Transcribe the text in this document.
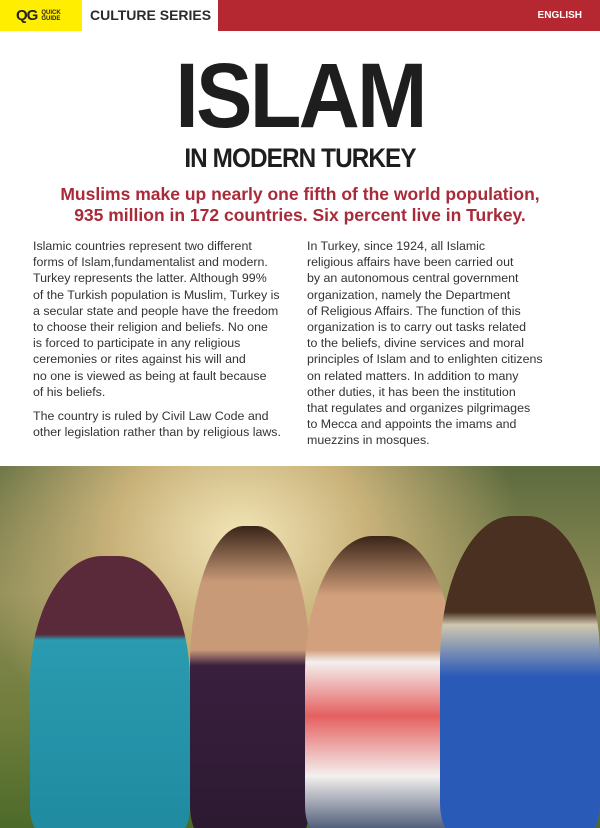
QG QUICK
GUIDE CULTURE SERIES	ENGLISH
ISLAM
IN MODERN TURKEY
Muslims make up nearly one fifth of the world population,
935 million in 172 countries. Six percent live in Turkey.

Islamic countries represent two different
forms of Islam,fundamentalist and modern.
Turkey represents the latter. Although 99%
of the Turkish population is Muslim, Turkey is
a secular state and people have the freedom
to choose their religion and beliefs. No one
is forced to participate in any religious
ceremonies or rites against his will and
no one is viewed as being at fault because
of his beliefs.

The country is ruled by Civil Law Code and
other legislation rather than by religious laws.

In Turkey, since 1924, all Islamic
religious affairs have been carried out
by an autonomous central government
organization, namely the Department
of Religious Affairs. The function of this
organization is to carry out tasks related
to the beliefs, divine services and moral
principles of Islam and to enlighten citizens
on related matters. In addition to many
other duties, it has been the institution
that regulates and organizes pilgrimages
to Mecca and appoints the imams and
muezzins in mosques.
